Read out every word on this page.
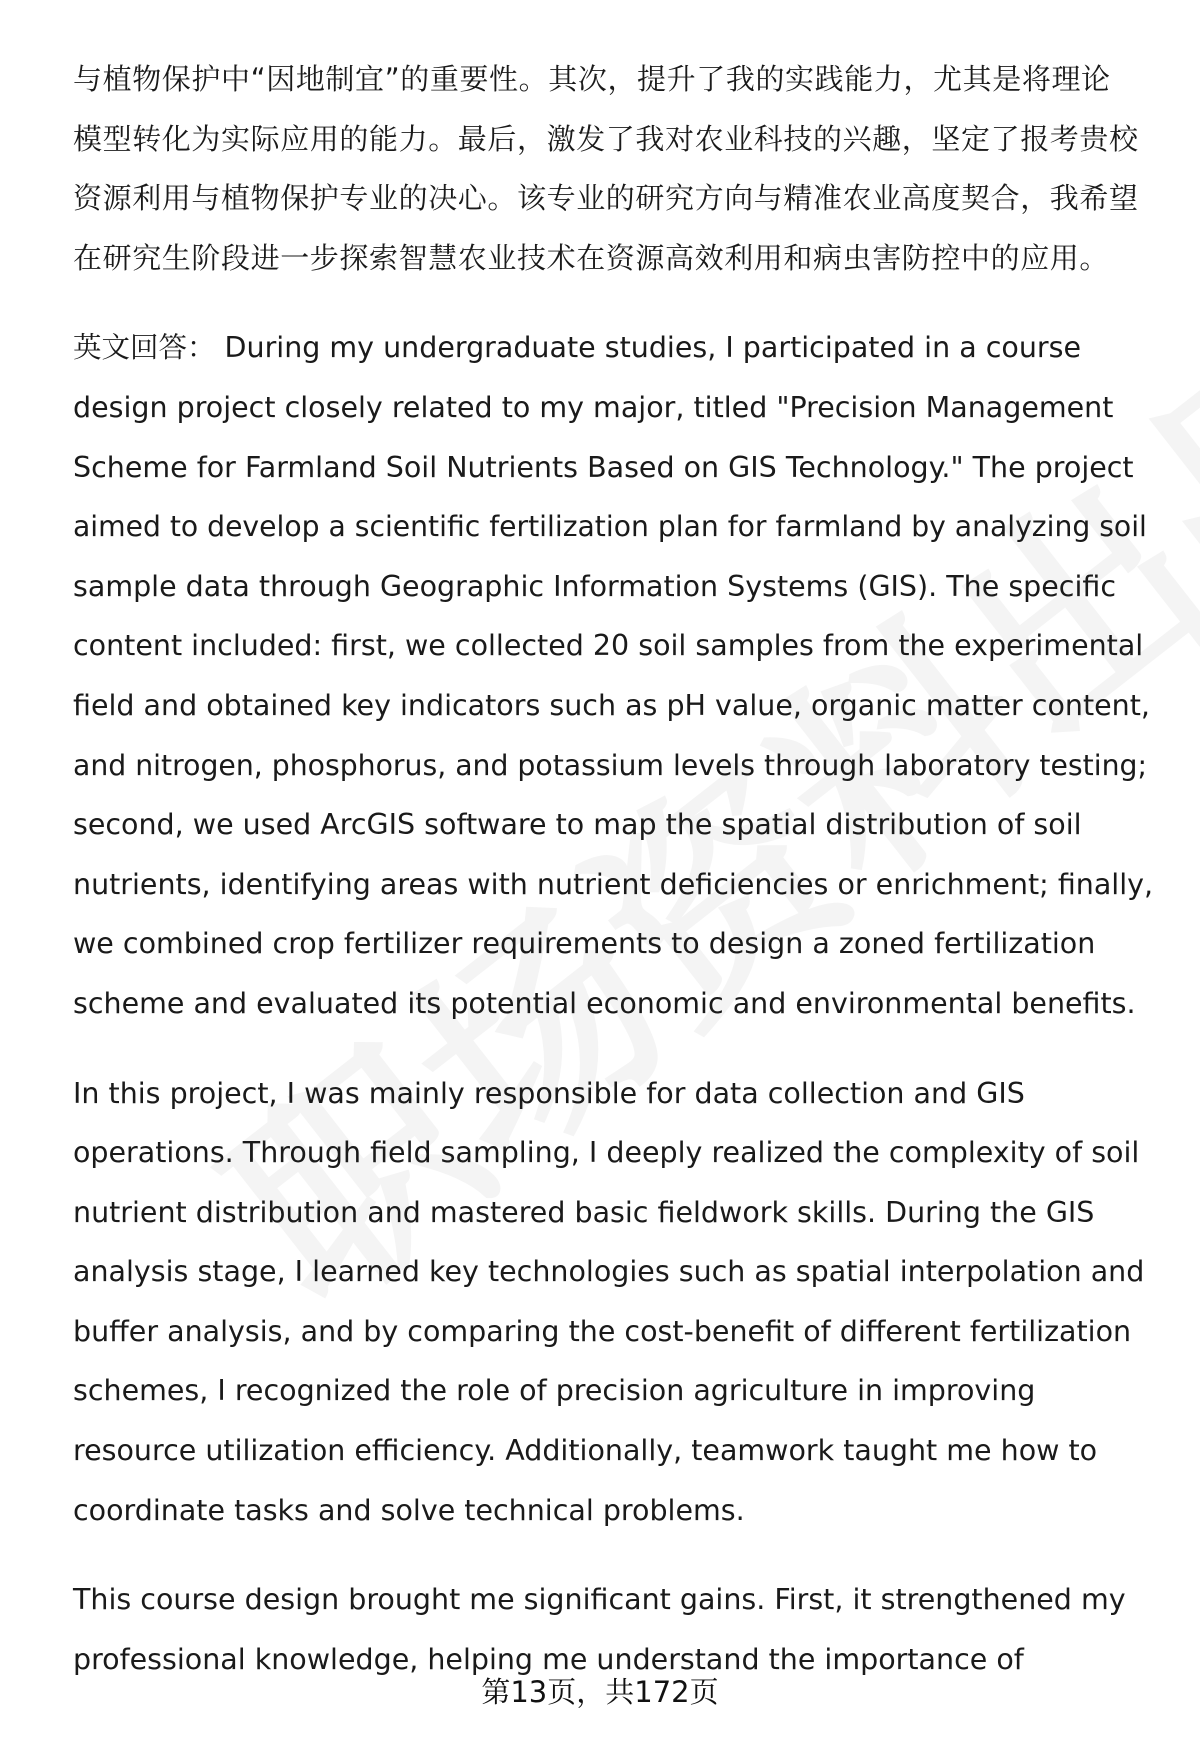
与植物保护中“因地制宜”的重要性。其次，提升了我的实践能力，尤其是将理论
模型转化为实际应用的能力。最后，激发了我对农业科技的兴趣，坚定了报考贵校
资源利用与植物保护专业的决心。该专业的研究方向与精准农业高度契合，我希望
在研究生阶段进一步探索智慧农业技术在资源高效利用和病虫害防控中的应用。

英文回答： During my undergraduate studies, I participated in a course
design project closely related to my major, titled "Precision Management
Scheme for Farmland Soil Nutrients Based on GIS Technology." The project
aimed to develop a scientific fertilization plan for farmland by analyzing soil
sample data through Geographic Information Systems (GIS). The specific
content included: first, we collected 20 soil samples from the experimental
field and obtained key indicators such as pH value, organic matter content,
and nitrogen, phosphorus, and potassium levels through laboratory testing;
second, we used ArcGIS software to map the spatial distribution of soil
nutrients, identifying areas with nutrient deficiencies or enrichment; finally,
we combined crop fertilizer requirements to design a zoned fertilization
scheme and evaluated its potential economic and environmental benefits.

In this project, I was mainly responsible for data collection and GIS
operations. Through field sampling, I deeply realized the complexity of soil
nutrient distribution and mastered basic fieldwork skills. During the GIS
analysis stage, I learned key technologies such as spatial interpolation and
buffer analysis, and by comparing the cost-benefit of different fertilization
schemes, I recognized the role of precision agriculture in improving
resource utilization efficiency. Additionally, teamwork taught me how to
coordinate tasks and solve technical problems.

This course design brought me significant gains. First, it strengthened my
professional knowledge, helping me understand the importance of

第13页，共172页
